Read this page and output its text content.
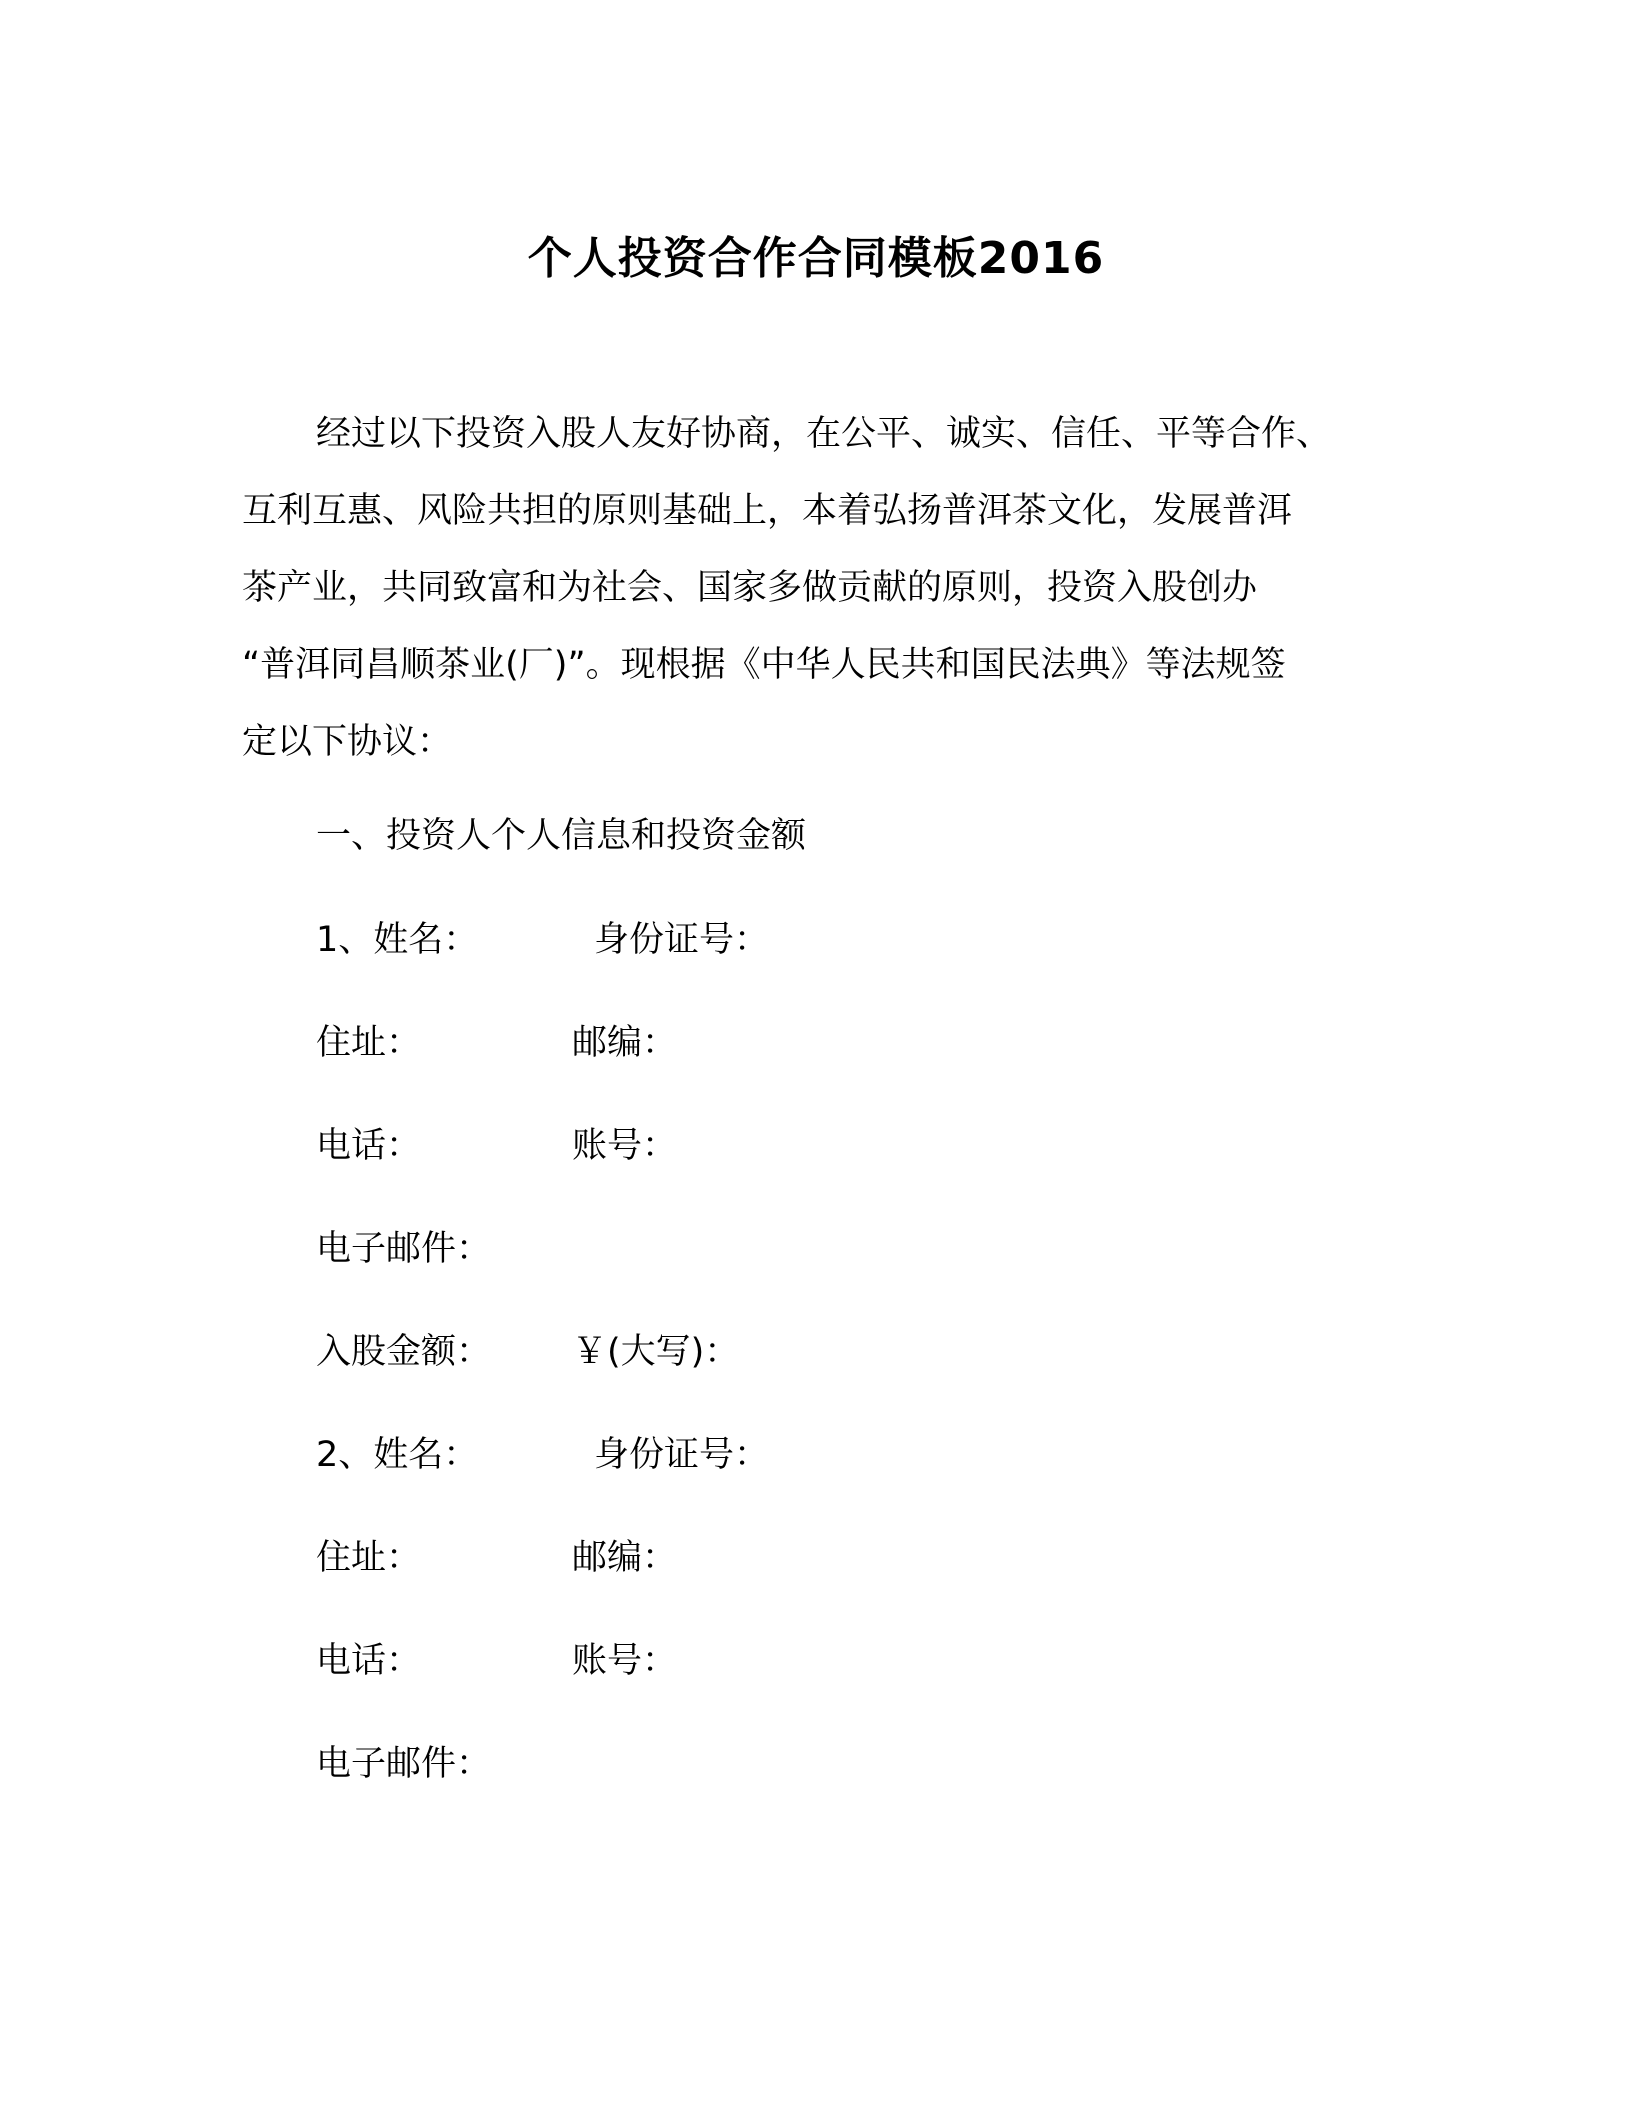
个人投资合作合同模板2016
经过以下投资入股人友好协商，在公平、诚实、信任、平等合作、
互利互惠、风险共担的原则基础上，本着弘扬普洱茶文化，发展普洱
茶产业，共同致富和为社会、国家多做贡献的原则，投资入股创办
“普洱同昌顺茶业(厂)”。现根据《中华人民共和国民法典》等法规签
定以下协议：
一、投资人个人信息和投资金额
1、姓名：	身份证号：
住址：	邮编：
电话：	账号：
电子邮件：
入股金额： ￥(大写)：
2、姓名：	身份证号：
住址：	邮编：
电话：	账号：
电子邮件：
